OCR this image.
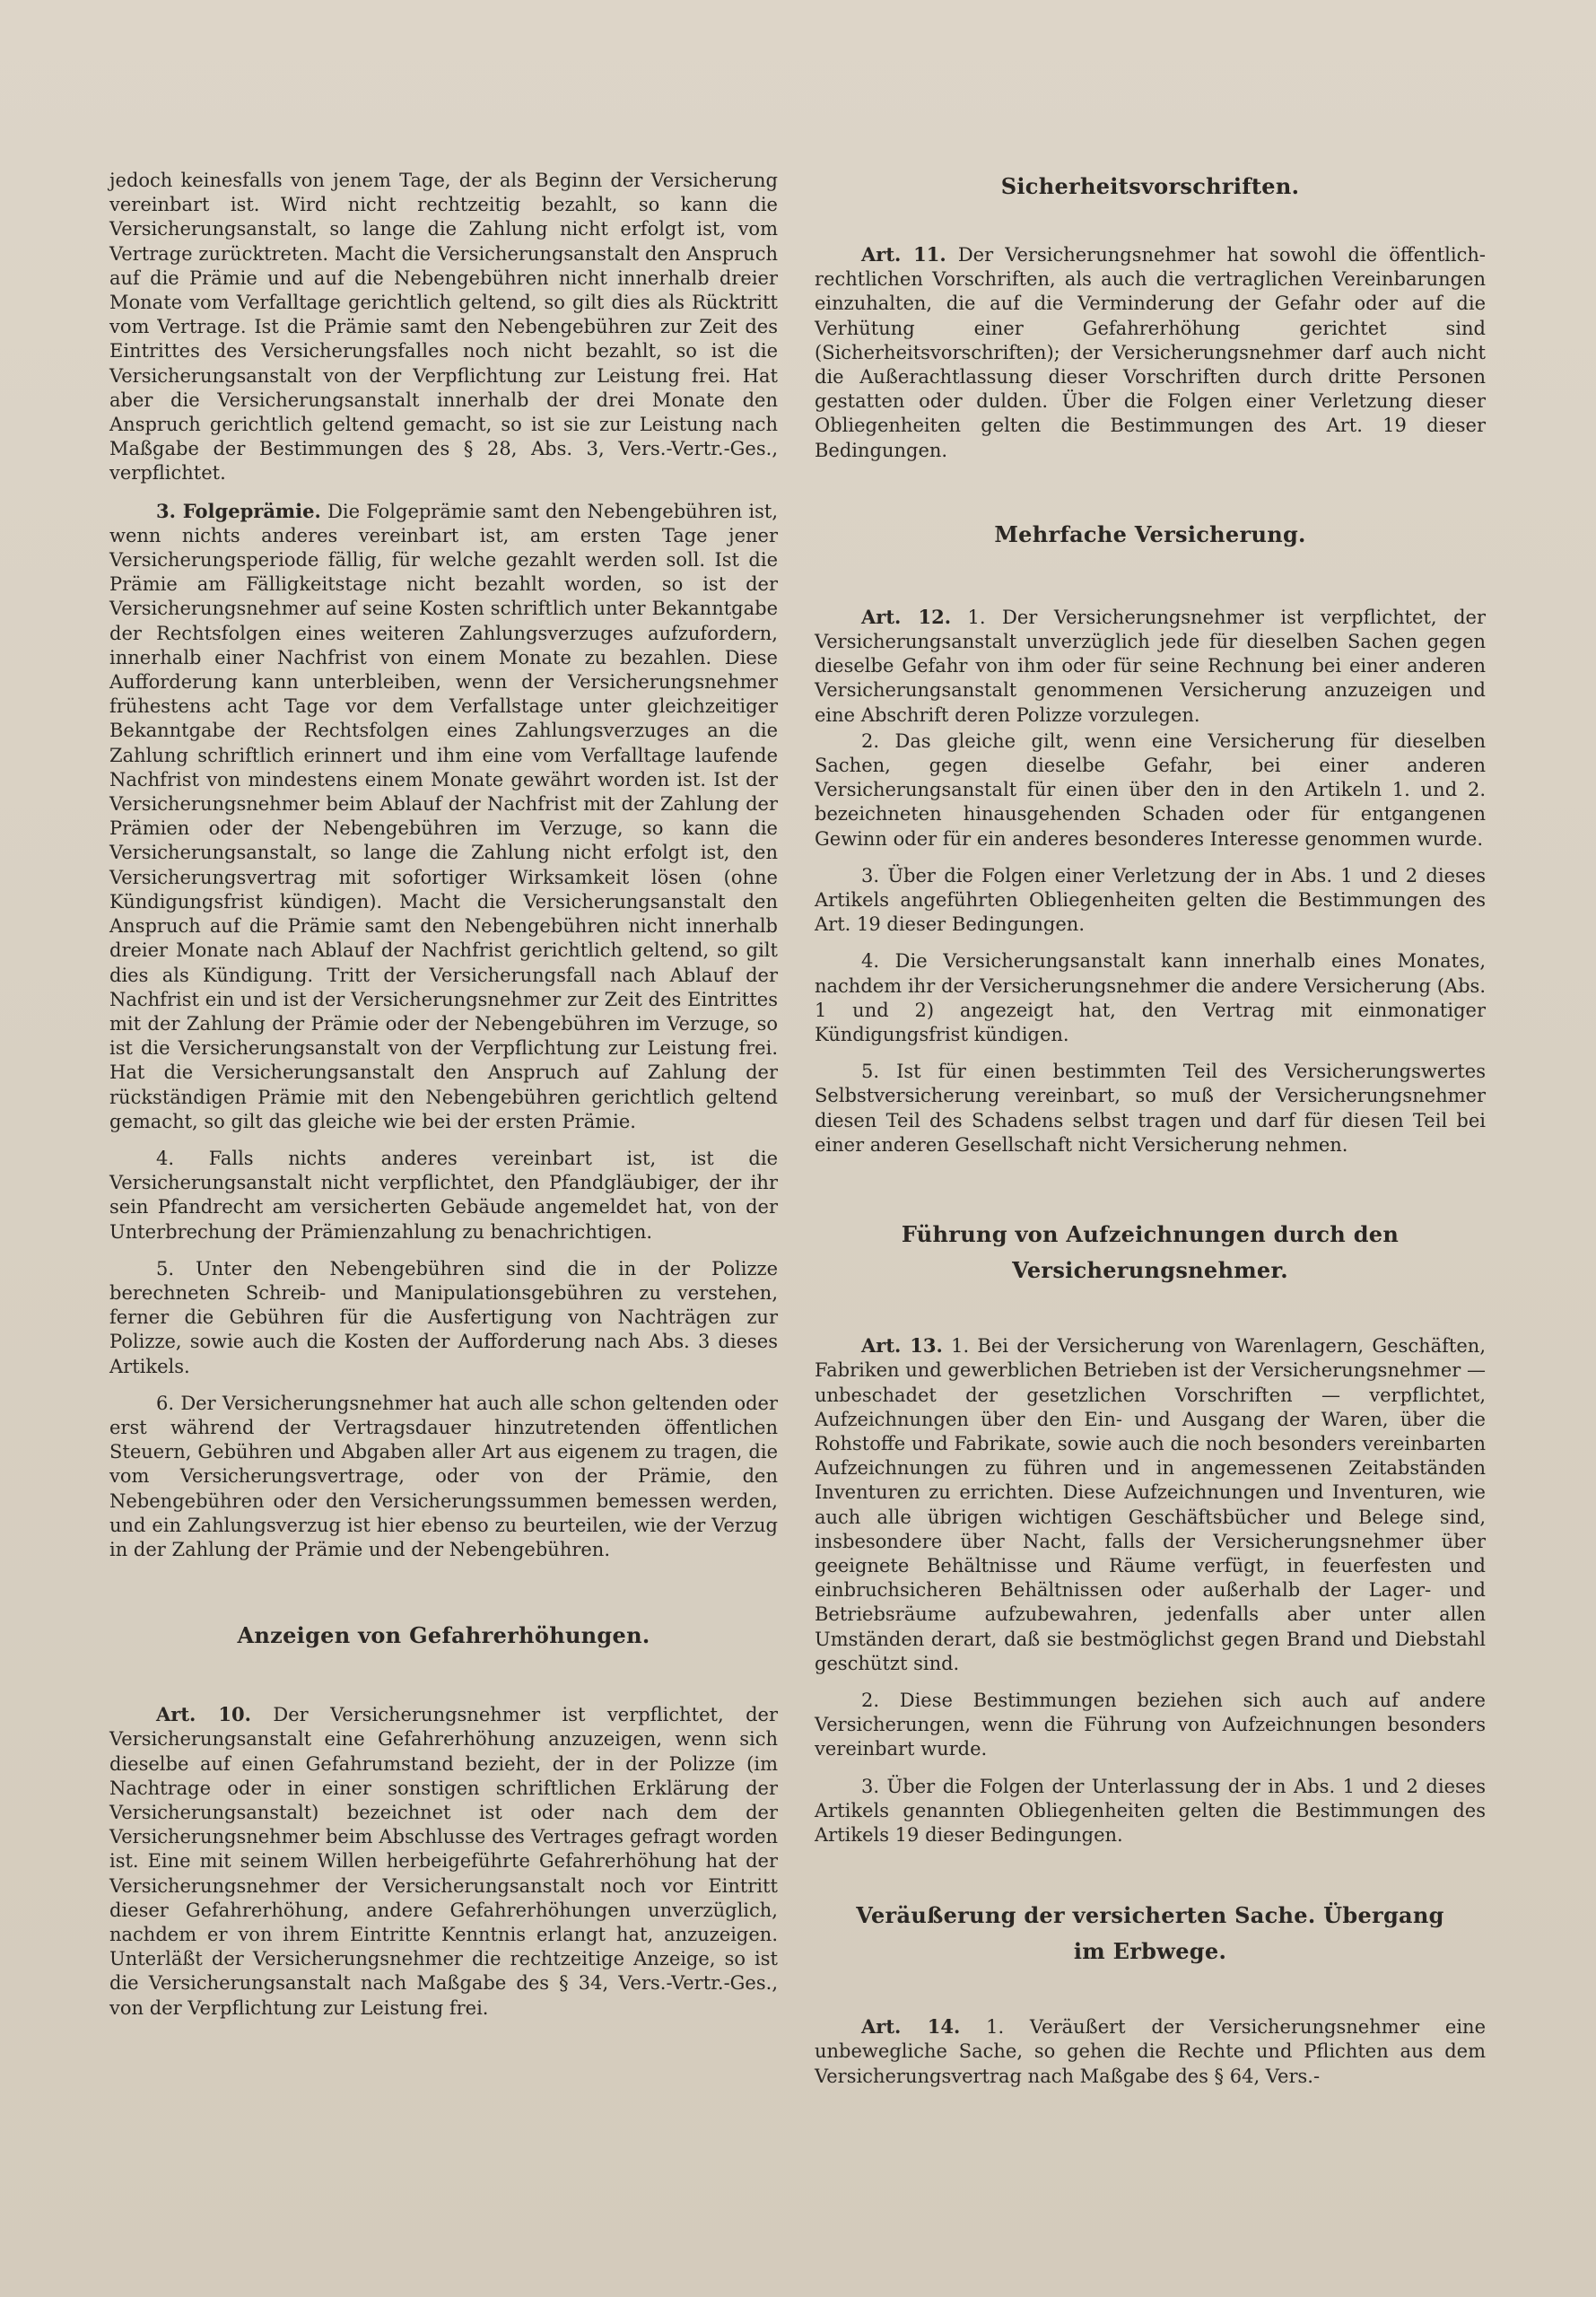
jedoch keinesfalls von jenem Tage, der als Beginn der Versicherung vereinbart ist. Wird nicht rechtzeitig bezahlt, so kann die Versicherungsanstalt, so lange die Zahlung nicht erfolgt ist, vom Vertrage zurücktreten. Macht die Versicherungsanstalt den Anspruch auf die Prämie und auf die Nebengebühren nicht innerhalb dreier Monate vom Verfalltage gerichtlich geltend, so gilt dies als Rücktritt vom Vertrage. Ist die Prämie samt den Nebengebühren zur Zeit des Eintrittes des Versicherungsfalles noch nicht bezahlt, so ist die Versicherungsanstalt von der Verpflichtung zur Leistung frei. Hat aber die Versicherungsanstalt innerhalb der drei Monate den Anspruch gerichtlich geltend gemacht, so ist sie zur Leistung nach Maßgabe der Bestimmungen des § 28, Abs. 3, Vers.-Vertr.-Ges., verpflichtet.

3. Folgeprämie. Die Folgeprämie samt den Nebengebühren ist, wenn nichts anderes vereinbart ist, am ersten Tage jener Versicherungsperiode fällig, für welche gezahlt werden soll. Ist die Prämie am Fälligkeitstage nicht bezahlt worden, so ist der Versicherungsnehmer auf seine Kosten schriftlich unter Bekanntgabe der Rechtsfolgen eines weiteren Zahlungsverzuges aufzufordern, innerhalb einer Nachfrist von einem Monate zu bezahlen. Diese Aufforderung kann unterbleiben, wenn der Versicherungsnehmer frühestens acht Tage vor dem Verfallstage unter gleichzeitiger Bekanntgabe der Rechtsfolgen eines Zahlungsverzuges an die Zahlung schriftlich erinnert und ihm eine vom Verfalltage laufende Nachfrist von mindestens einem Monate gewährt worden ist. Ist der Versicherungsnehmer beim Ablauf der Nachfrist mit der Zahlung der Prämien oder der Nebengebühren im Verzuge, so kann die Versicherungsanstalt, so lange die Zahlung nicht erfolgt ist, den Versicherungsvertrag mit sofortiger Wirksamkeit lösen (ohne Kündigungsfrist kündigen). Macht die Versicherungsanstalt den Anspruch auf die Prämie samt den Nebengebühren nicht innerhalb dreier Monate nach Ablauf der Nachfrist gerichtlich geltend, so gilt dies als Kündigung. Tritt der Versicherungsfall nach Ablauf der Nachfrist ein und ist der Versicherungsnehmer zur Zeit des Eintrittes mit der Zahlung der Prämie oder der Nebengebühren im Verzuge, so ist die Versicherungsanstalt von der Verpflichtung zur Leistung frei. Hat die Versicherungsanstalt den Anspruch auf Zahlung der rückständigen Prämie mit den Nebengebühren gerichtlich geltend gemacht, so gilt das gleiche wie bei der ersten Prämie.

4. Falls nichts anderes vereinbart ist, ist die Versicherungsanstalt nicht verpflichtet, den Pfandgläubiger, der ihr sein Pfandrecht am versicherten Gebäude angemeldet hat, von der Unterbrechung der Prämienzahlung zu benachrichtigen.

5. Unter den Nebengebühren sind die in der Polizze berechneten Schreib- und Manipulationsgebühren zu verstehen, ferner die Gebühren für die Ausfertigung von Nachträgen zur Polizze, sowie auch die Kosten der Aufforderung nach Abs. 3 dieses Artikels.

6. Der Versicherungsnehmer hat auch alle schon geltenden oder erst während der Vertragsdauer hinzutretenden öffentlichen Steuern, Gebühren und Abgaben aller Art aus eigenem zu tragen, die vom Versicherungsvertrage, oder von der Prämie, den Nebengebühren oder den Versicherungssummen bemessen werden, und ein Zahlungsverzug ist hier ebenso zu beurteilen, wie der Verzug in der Zahlung der Prämie und der Nebengebühren.

Anzeigen von Gefahrerhöhungen.

Art. 10. Der Versicherungsnehmer ist verpflichtet, der Versicherungsanstalt eine Gefahrerhöhung anzuzeigen, wenn sich dieselbe auf einen Gefahrumstand bezieht, der in der Polizze (im Nachtrage oder in einer sonstigen schriftlichen Erklärung der Versicherungsanstalt) bezeichnet ist oder nach dem der Versicherungsnehmer beim Abschlusse des Vertrages gefragt worden ist. Eine mit seinem Willen herbeigeführte Gefahrerhöhung hat der Versicherungsnehmer der Versicherungsanstalt noch vor Eintritt dieser Gefahrerhöhung, andere Gefahrerhöhungen unverzüglich, nachdem er von ihrem Eintritte Kenntnis erlangt hat, anzuzeigen. Unterläßt der Versicherungsnehmer die rechtzeitige Anzeige, so ist die Versicherungsanstalt nach Maßgabe des § 34, Vers.-Vertr.-Ges., von der Verpflichtung zur Leistung frei.

Sicherheitsvorschriften.

Art. 11. Der Versicherungsnehmer hat sowohl die öffentlich-rechtlichen Vorschriften, als auch die vertraglichen Vereinbarungen einzuhalten, die auf die Verminderung der Gefahr oder auf die Verhütung einer Gefahrerhöhung gerichtet sind (Sicherheitsvorschriften); der Versicherungsnehmer darf auch nicht die Außerachtlassung dieser Vorschriften durch dritte Personen gestatten oder dulden. Über die Folgen einer Verletzung dieser Obliegenheiten gelten die Bestimmungen des Art. 19 dieser Bedingungen.

Mehrfache Versicherung.

Art. 12. 1. Der Versicherungsnehmer ist verpflichtet, der Versicherungsanstalt unverzüglich jede für dieselben Sachen gegen dieselbe Gefahr von ihm oder für seine Rechnung bei einer anderen Versicherungsanstalt genommenen Versicherung anzuzeigen und eine Abschrift deren Polizze vorzulegen.

2. Das gleiche gilt, wenn eine Versicherung für dieselben Sachen, gegen dieselbe Gefahr, bei einer anderen Versicherungsanstalt für einen über den in den Artikeln 1. und 2. bezeichneten hinausgehenden Schaden oder für entgangenen Gewinn oder für ein anderes besonderes Interesse genommen wurde.

3. Über die Folgen einer Verletzung der in Abs. 1 und 2 dieses Artikels angeführten Obliegenheiten gelten die Bestimmungen des Art. 19 dieser Bedingungen.

4. Die Versicherungsanstalt kann innerhalb eines Monates, nachdem ihr der Versicherungsnehmer die andere Versicherung (Abs. 1 und 2) angezeigt hat, den Vertrag mit einmonatiger Kündigungsfrist kündigen.

5. Ist für einen bestimmten Teil des Versicherungswertes Selbstversicherung vereinbart, so muß der Versicherungsnehmer diesen Teil des Schadens selbst tragen und darf für diesen Teil bei einer anderen Gesellschaft nicht Versicherung nehmen.

Führung von Aufzeichnungen durch den
Versicherungsnehmer.

Art. 13. 1. Bei der Versicherung von Warenlagern, Geschäften, Fabriken und gewerblichen Betrieben ist der Versicherungsnehmer — unbeschadet der gesetzlichen Vorschriften — verpflichtet, Aufzeichnungen über den Ein- und Ausgang der Waren, über die Rohstoffe und Fabrikate, sowie auch die noch besonders vereinbarten Aufzeichnungen zu führen und in angemessenen Zeitabständen Inventuren zu errichten. Diese Aufzeichnungen und Inventuren, wie auch alle übrigen wichtigen Geschäftsbücher und Belege sind, insbesondere über Nacht, falls der Versicherungsnehmer über geeignete Behältnisse und Räume verfügt, in feuerfesten und einbruchsicheren Behältnissen oder außerhalb der Lager- und Betriebsräume aufzubewahren, jedenfalls aber unter allen Umständen derart, daß sie bestmöglichst gegen Brand und Diebstahl geschützt sind.

2. Diese Bestimmungen beziehen sich auch auf andere Versicherungen, wenn die Führung von Aufzeichnungen besonders vereinbart wurde.

3. Über die Folgen der Unterlassung der in Abs. 1 und 2 dieses Artikels genannten Obliegenheiten gelten die Bestimmungen des Artikels 19 dieser Bedingungen.

Veräußerung der versicherten Sache. Übergang
im Erbwege.

Art. 14. 1. Veräußert der Versicherungsnehmer eine unbewegliche Sache, so gehen die Rechte und Pflichten aus dem Versicherungsvertrag nach Maßgabe des § 64, Vers.-
